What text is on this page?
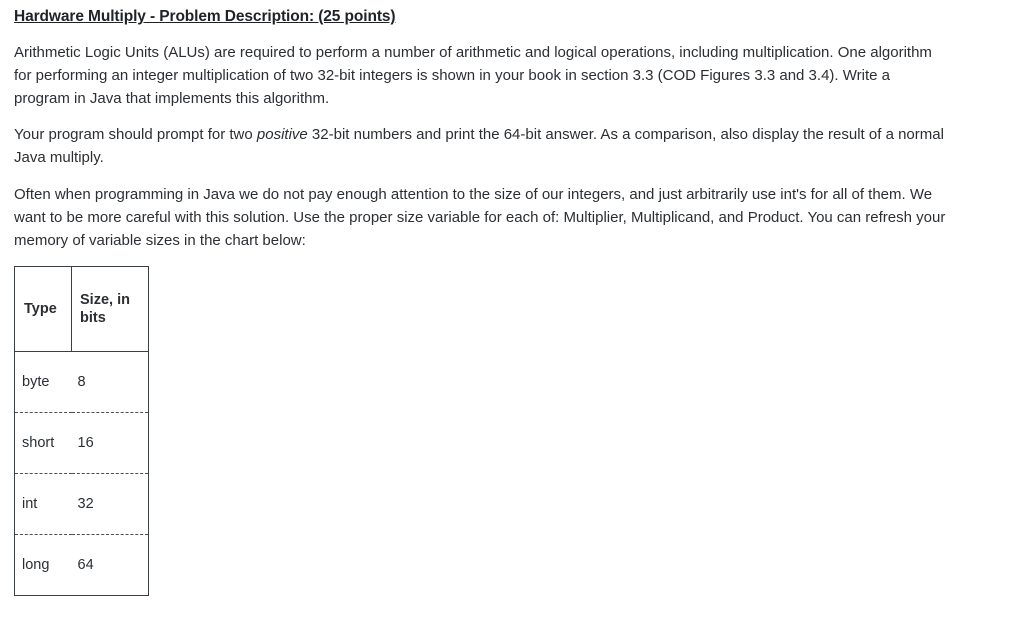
Hardware Multiply - Problem Description: (25 points)

Arithmetic Logic Units (ALUs) are required to perform a number of arithmetic and logical operations, including multiplication. One algorithm for performing an integer multiplication of two 32-bit integers is shown in your book in section 3.3 (COD Figures 3.3 and 3.4). Write a program in Java that implements this algorithm.

Your program should prompt for two positive 32-bit numbers and print the 64-bit answer. As a comparison, also display the result of a normal Java multiply.

Often when programming in Java we do not pay enough attention to the size of our integers, and just arbitrarily use int's for all of them. We want to be more careful with this solution. Use the proper size variable for each of: Multiplier, Multiplicand, and Product. You can refresh your memory of variable sizes in the chart below:

Type	Size, in
bits

byte	8

short	16

int	32

long	64
